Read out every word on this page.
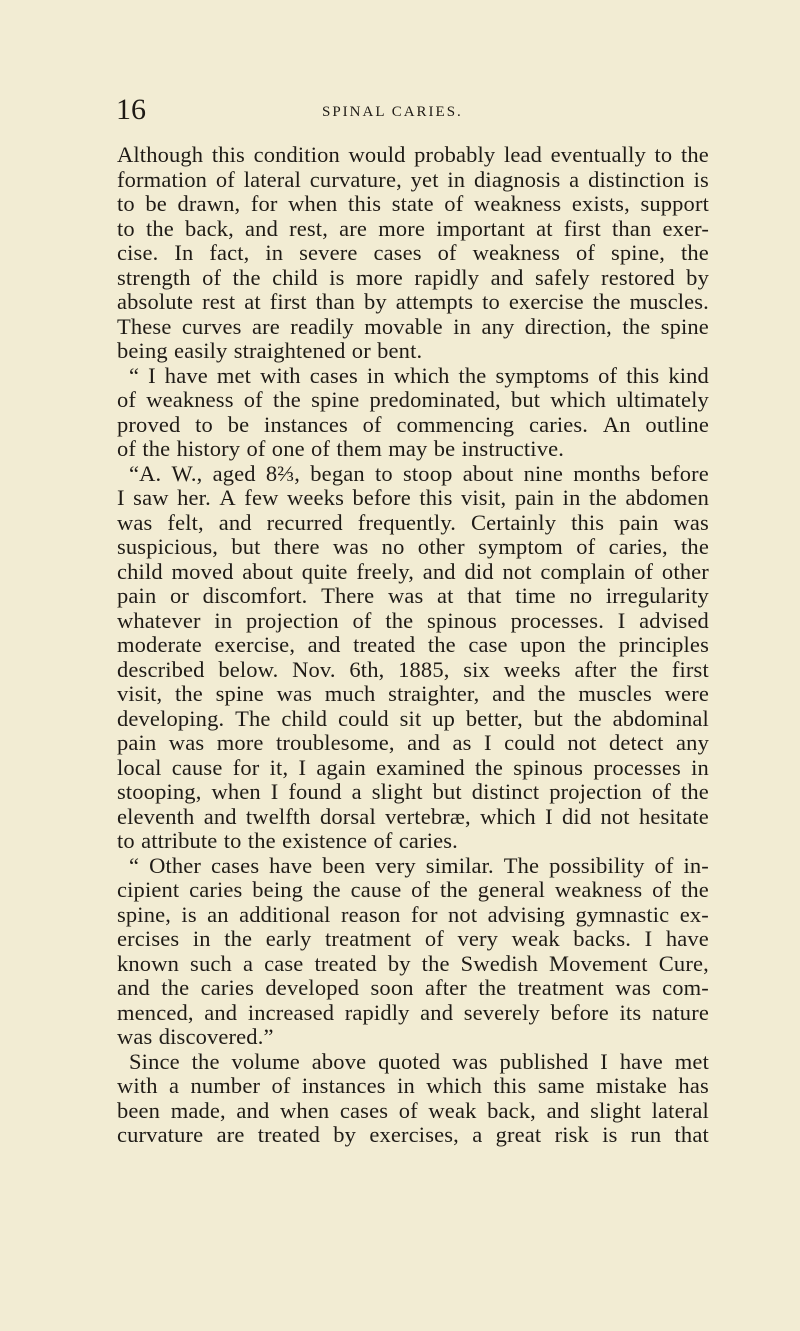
16	SPINAL CARIES.
Although this condition would probably lead eventually to the
formation of lateral curvature, yet in diagnosis a distinction is
to be drawn, for when this state of weakness exists, support
to the back, and rest, are more important at first than exer-
cise. In fact, in severe cases of weakness of spine, the
strength of the child is more rapidly and safely restored by
absolute rest at first than by attempts to exercise the muscles.
These curves are readily movable in any direction, the spine
being easily straightened or bent.
“ I have met with cases in which the symptoms of this kind
of weakness of the spine predominated, but which ultimately
proved to be instances of commencing caries. An outline
of the history of one of them may be instructive.
“A. W., aged 8⅔, began to stoop about nine months before
I saw her. A few weeks before this visit, pain in the abdomen
was felt, and recurred frequently. Certainly this pain was
suspicious, but there was no other symptom of caries, the
child moved about quite freely, and did not complain of other
pain or discomfort. There was at that time no irregularity
whatever in projection of the spinous processes. I advised
moderate exercise, and treated the case upon the principles
described below. Nov. 6th, 1885, six weeks after the first
visit, the spine was much straighter, and the muscles were
developing. The child could sit up better, but the abdominal
pain was more troublesome, and as I could not detect any
local cause for it, I again examined the spinous processes in
stooping, when I found a slight but distinct projection of the
eleventh and twelfth dorsal vertebræ, which I did not hesitate
to attribute to the existence of caries.
“ Other cases have been very similar. The possibility of in-
cipient caries being the cause of the general weakness of the
spine, is an additional reason for not advising gymnastic ex-
ercises in the early treatment of very weak backs. I have
known such a case treated by the Swedish Movement Cure,
and the caries developed soon after the treatment was com-
menced, and increased rapidly and severely before its nature
was discovered.”
Since the volume above quoted was published I have met
with a number of instances in which this same mistake has
been made, and when cases of weak back, and slight lateral
curvature are treated by exercises, a great risk is run that
